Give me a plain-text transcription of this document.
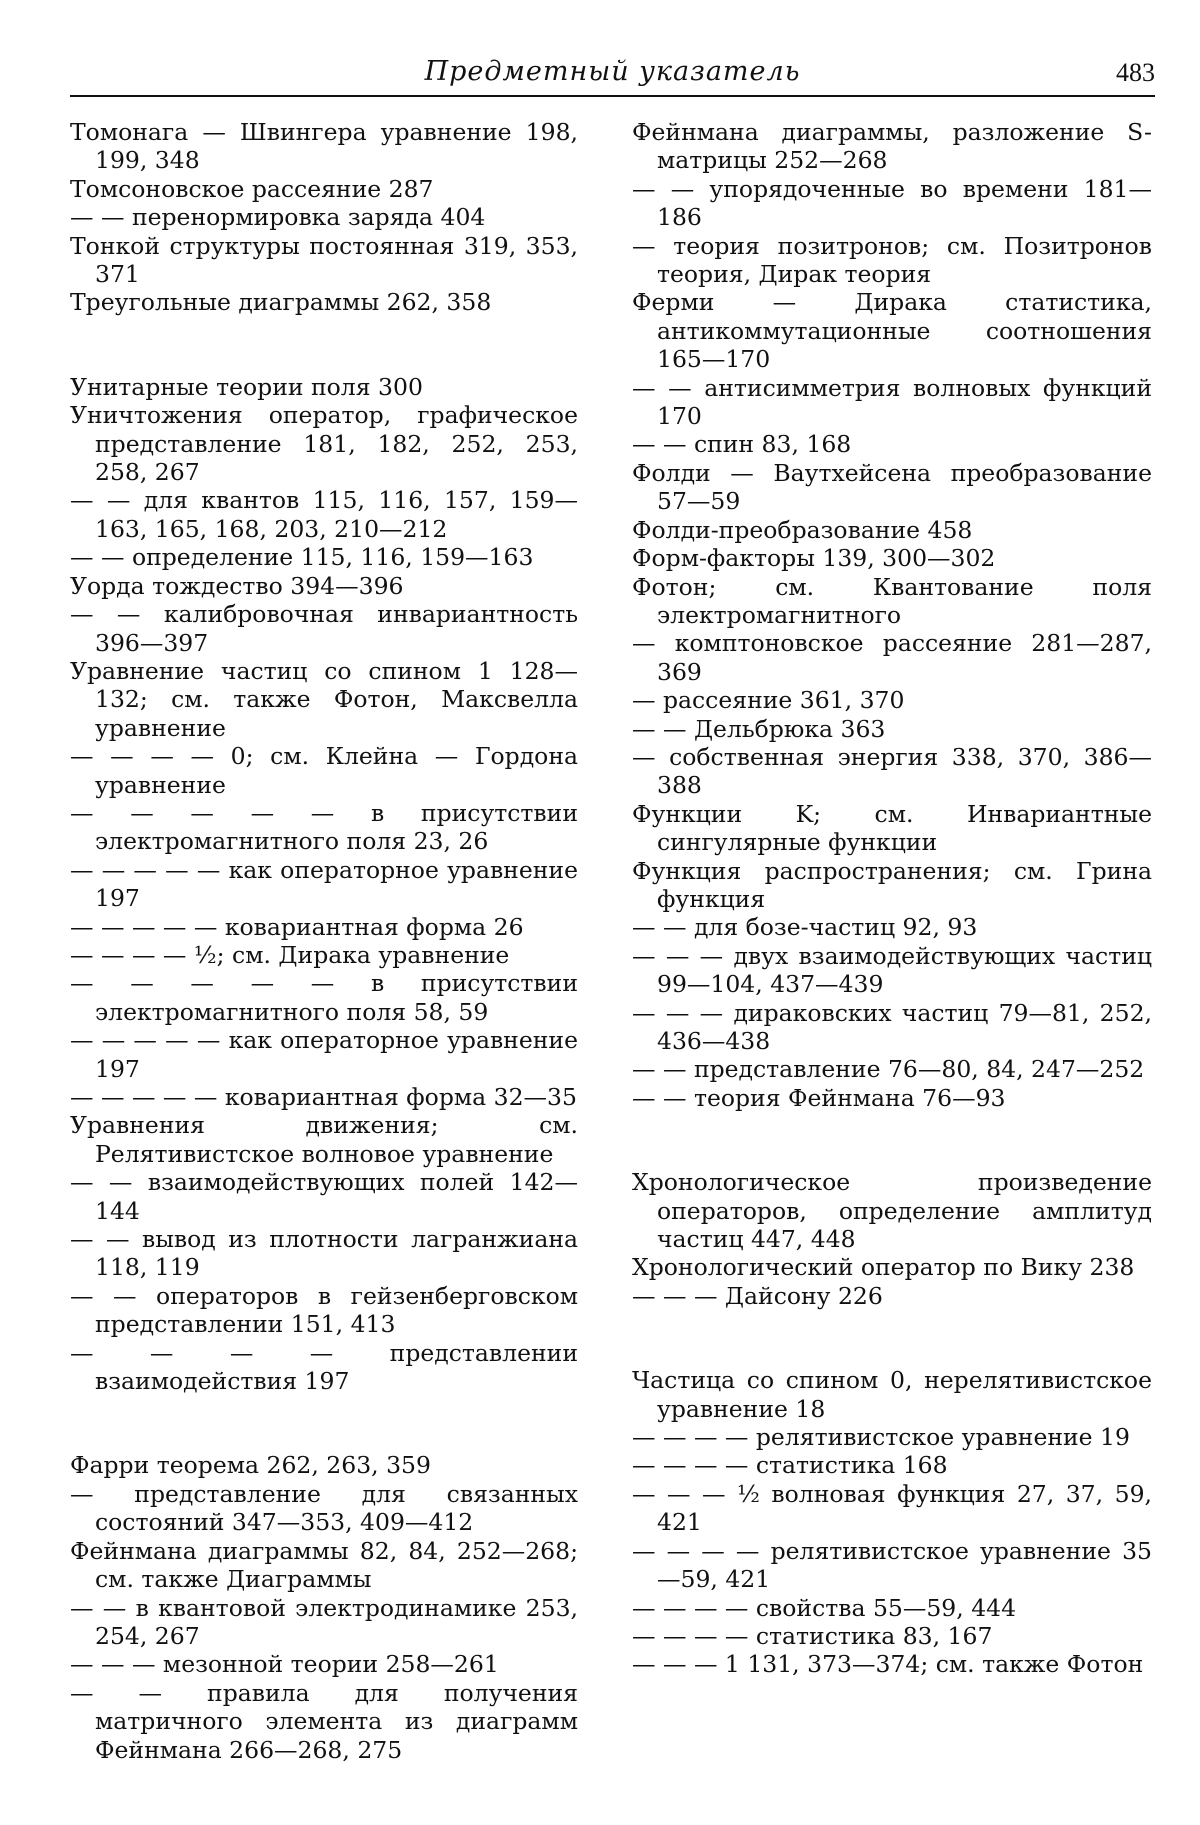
Предметный указатель	483

Томонага — Швингера уравнение 198, 199, 348

Томсоновское рассеяние 287

— — перенормировка заряда 404

Тонкой структуры постоянная 319, 353, 371

Треугольные диаграммы 262, 358

Унитарные теории поля 300

Уничтожения оператор, графическое представление 181, 182, 252, 253, 258, 267

— — для квантов 115, 116, 157, 159—163, 165, 168, 203, 210—212

— — определение 115, 116, 159—163

Уорда тождество 394—396

— — калибровочная инвариантность 396—397

Уравнение частиц со спином 1 128—132; см. также Фотон, Максвелла уравнение

— — — — 0; см. Клейна — Гордона уравнение

— — — — — в присутствии электромагнитного поля 23, 26

— — — — — как операторное уравнение 197

— — — — — ковариантная форма 26

— — — — ½; см. Дирака уравнение

— — — — — в присутствии электромагнитного поля 58, 59

— — — — — как операторное уравнение 197

— — — — — ковариантная форма 32—35

Уравнения движения; см. Релятивистское волновое уравнение

— — взаимодействующих полей 142—144

— — вывод из плотности лагранжиана 118, 119

— — операторов в гейзенберговском представлении 151, 413

— — — — представлении взаимодействия 197

Фарри теорема 262, 263, 359

— представление для связанных состояний 347—353, 409—412

Фейнмана диаграммы 82, 84, 252—268; см. также Диаграммы

— — в квантовой электродинамике 253, 254, 267

— — — мезонной теории 258—261

— — правила для получения матричного элемента из диаграмм Фейнмана 266—268, 275

Фейнмана диаграммы, разложение S-матрицы 252—268

— — упорядоченные во времени 181—186

— теория позитронов; см. Позитронов теория, Дирак теория

Ферми — Дирака статистика, антикоммутационные соотношения 165—170

— — антисимметрия волновых функций 170

— — спин 83, 168

Фолди — Ваутхейсена преобразование 57—59

Фолди-преобразование 458

Форм-факторы 139, 300—302

Фотон; см. Квантование поля электромагнитного

— комптоновское рассеяние 281—287, 369

— рассеяние 361, 370

— — Дельбрюка 363

— собственная энергия 338, 370, 386—388

Функции K; см. Инвариантные сингулярные функции

Функция распространения; см. Грина функция

— — для бозе-частиц 92, 93

— — — двух взаимодействующих частиц 99—104, 437—439

— — — дираковских частиц 79—81, 252, 436—438

— — представление 76—80, 84, 247—252

— — теория Фейнмана 76—93

Хронологическое произведение операторов, определение амплитуд частиц 447, 448

Хронологический оператор по Вику 238

— — — Дайсону 226

Частица со спином 0, нерелятивистское уравнение 18

— — — — релятивистское уравнение 19

— — — — статистика 168

— — — ½ волновая функция 27, 37, 59, 421

— — — — релятивистское уравнение 35—59, 421

— — — — свойства 55—59, 444

— — — — статистика 83, 167

— — — 1 131, 373—374; см. также Фотон
